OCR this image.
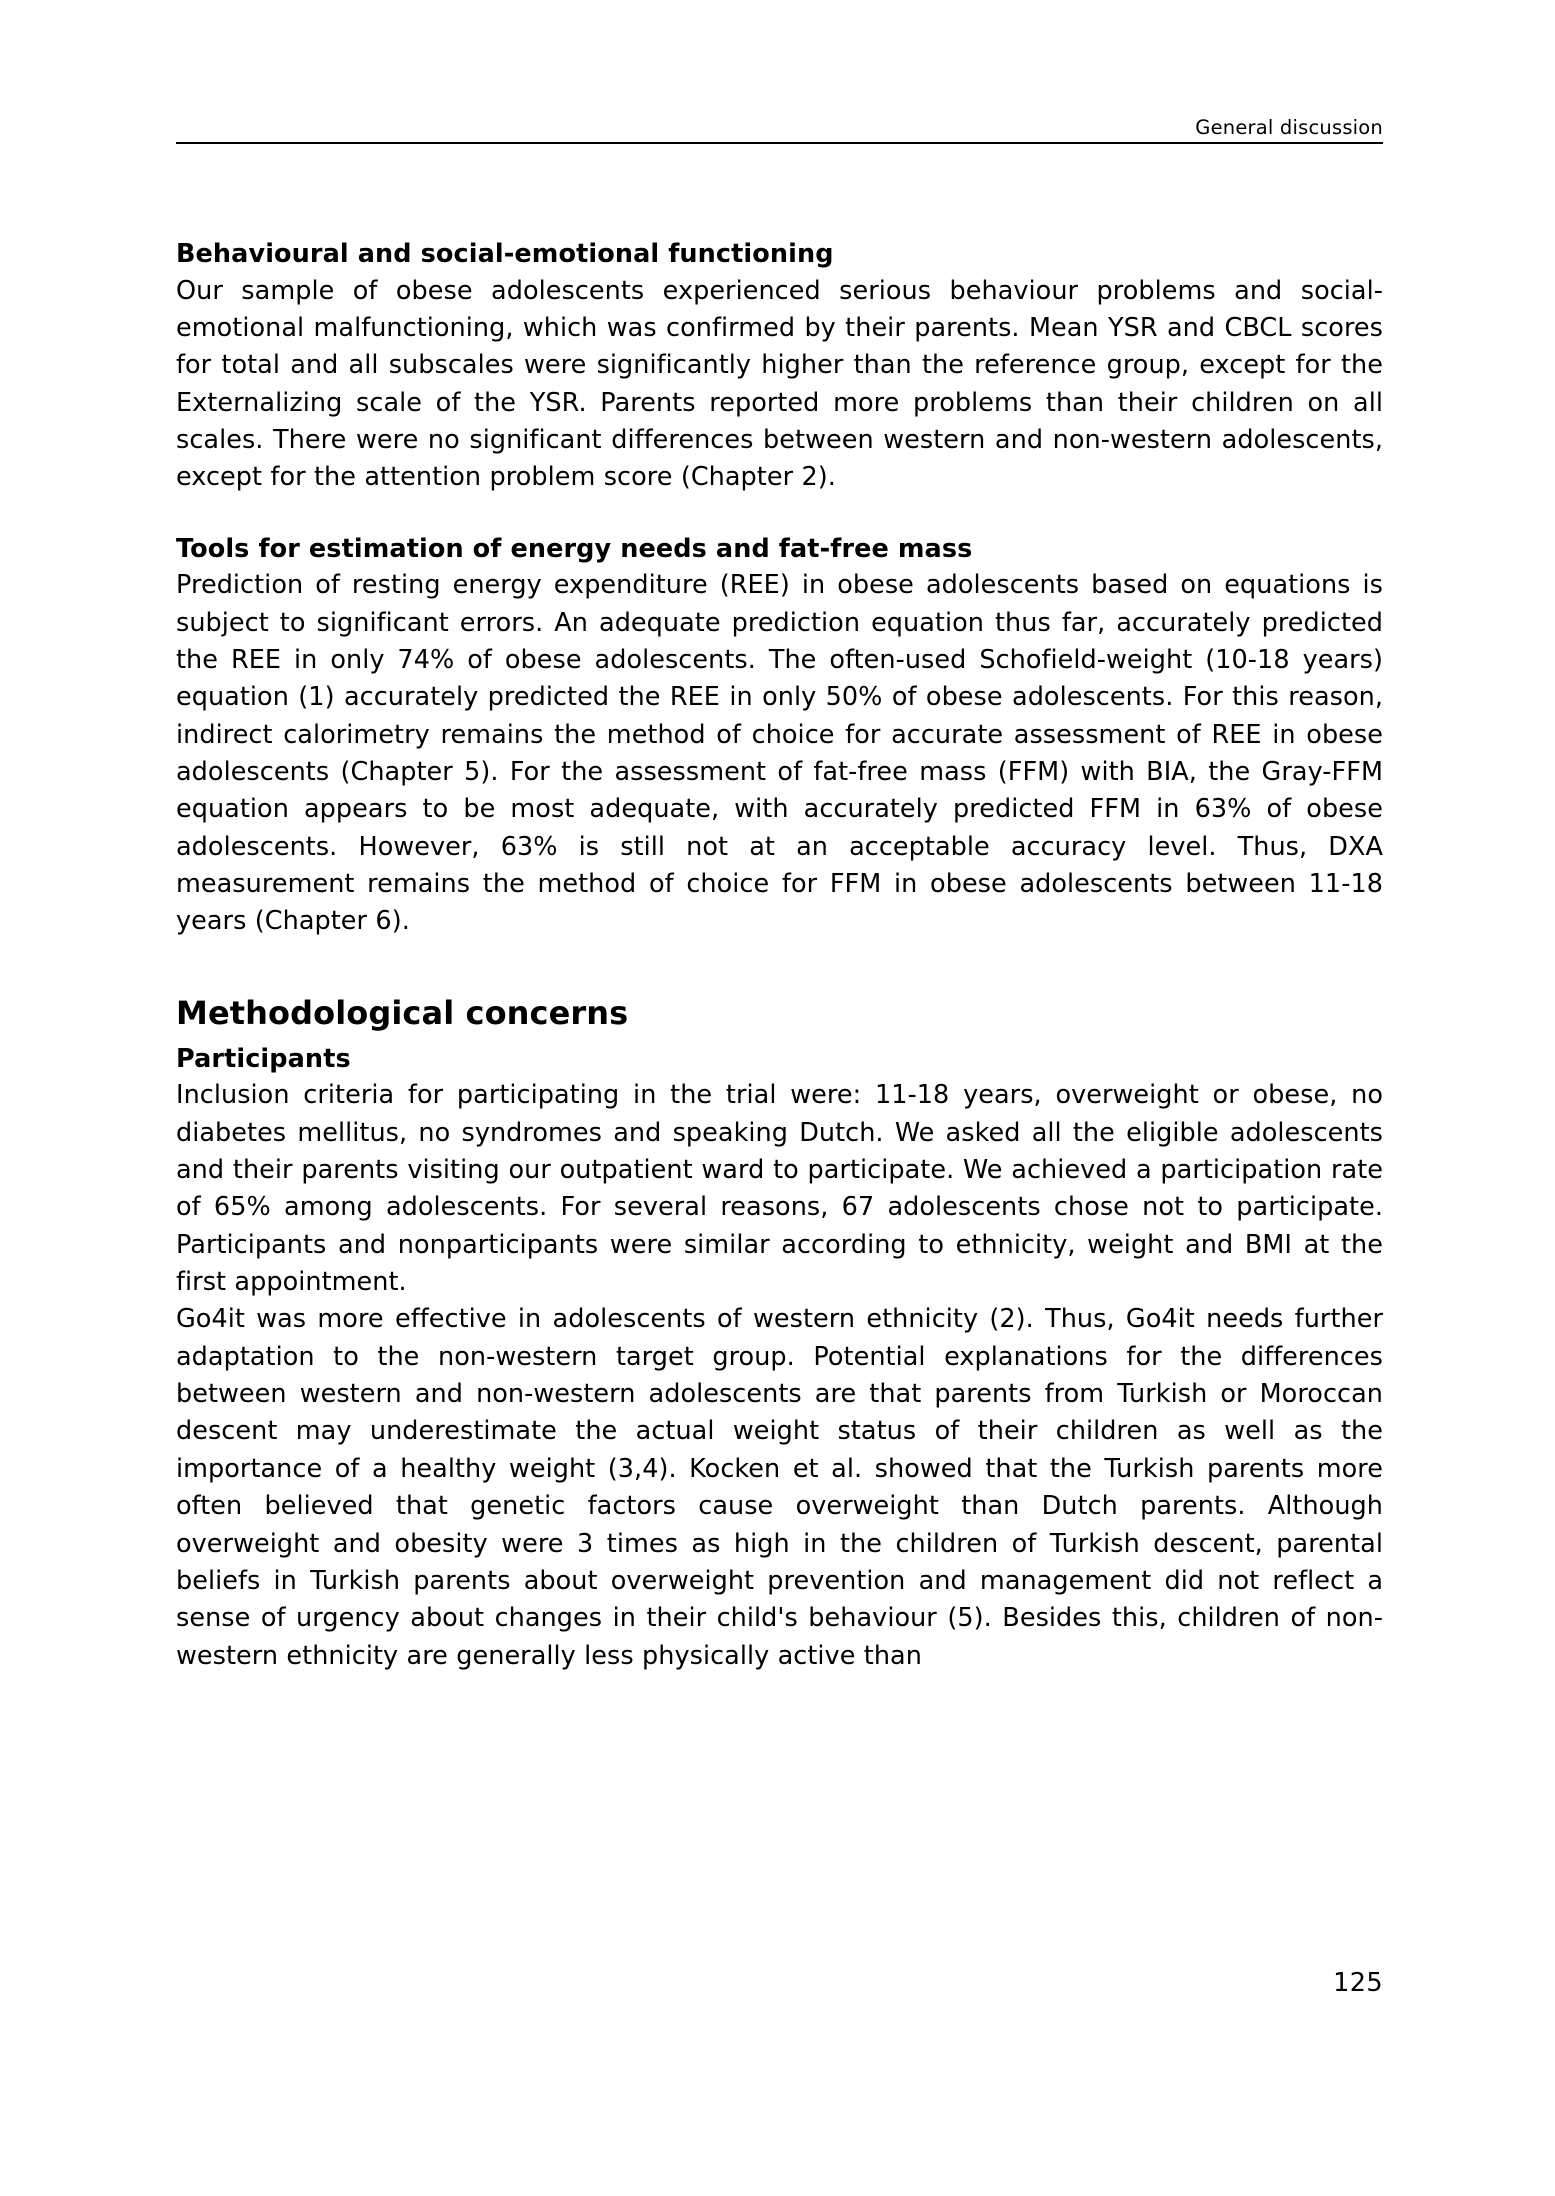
General discussion
Behavioural and social-emotional functioning

Our sample of obese adolescents experienced serious behaviour problems and social-emotional malfunctioning, which was confirmed by their parents. Mean YSR and CBCL scores for total and all subscales were significantly higher than the reference group, except for the Externalizing scale of the YSR. Parents reported more problems than their children on all scales. There were no significant differences between western and non-western adolescents, except for the attention problem score (Chapter 2).

Tools for estimation of energy needs and fat-free mass

Prediction of resting energy expenditure (REE) in obese adolescents based on equations is subject to significant errors. An adequate prediction equation thus far, accurately predicted the REE in only 74% of obese adolescents. The often-used Schofield-weight (10-18 years) equation (1) accurately predicted the REE in only 50% of obese adolescents. For this reason, indirect calorimetry remains the method of choice for accurate assessment of REE in obese adolescents (Chapter 5). For the assessment of fat-free mass (FFM) with BIA, the Gray-FFM equation appears to be most adequate, with accurately predicted FFM in 63% of obese adolescents. However, 63% is still not at an acceptable accuracy level. Thus, DXA measurement remains the method of choice for FFM in obese adolescents between 11-18 years (Chapter 6).

Methodological concerns
Participants

Inclusion criteria for participating in the trial were: 11-18 years, overweight or obese, no diabetes mellitus, no syndromes and speaking Dutch. We asked all the eligible adolescents and their parents visiting our outpatient ward to participate. We achieved a participation rate of 65% among adolescents. For several reasons, 67 adolescents chose not to participate. Participants and nonparticipants were similar according to ethnicity, weight and BMI at the first appointment.

Go4it was more effective in adolescents of western ethnicity (2). Thus, Go4it needs further adaptation to the non-western target group. Potential explanations for the differences between western and non-western adolescents are that parents from Turkish or Moroccan descent may underestimate the actual weight status of their children as well as the importance of a healthy weight (3,4). Kocken et al. showed that the Turkish parents more often believed that genetic factors cause overweight than Dutch parents. Although overweight and obesity were 3 times as high in the children of Turkish descent, parental beliefs in Turkish parents about overweight prevention and management did not reflect a sense of urgency about changes in their child's behaviour (5). Besides this, children of non-western ethnicity are generally less physically active than

125
